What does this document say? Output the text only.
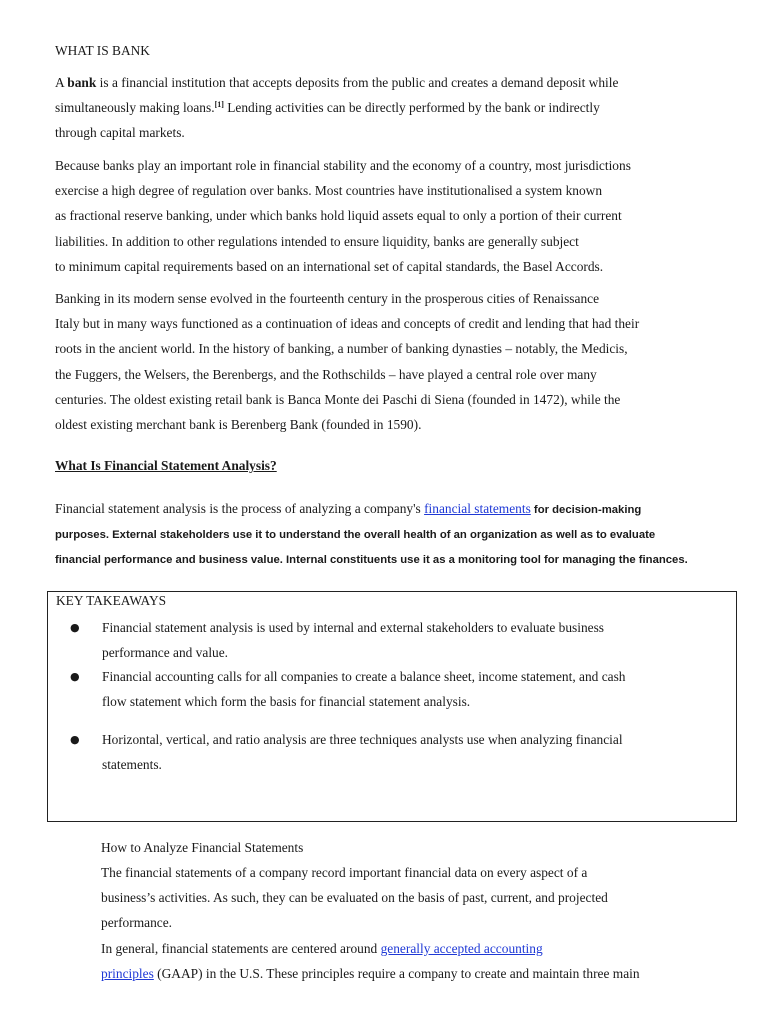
WHAT IS BANK
A bank is a financial institution that accepts deposits from the public and creates a demand deposit while
simultaneously making loans.[1] Lending activities can be directly performed by the bank or indirectly
through capital markets.
Because banks play an important role in financial stability and the economy of a country, most jurisdictions
exercise a high degree of regulation over banks. Most countries have institutionalised a system known
as fractional reserve banking, under which banks hold liquid assets equal to only a portion of their current
liabilities. In addition to other regulations intended to ensure liquidity, banks are generally subject
to minimum capital requirements based on an international set of capital standards, the Basel Accords.
Banking in its modern sense evolved in the fourteenth century in the prosperous cities of Renaissance
Italy but in many ways functioned as a continuation of ideas and concepts of credit and lending that had their
roots in the ancient world. In the history of banking, a number of banking dynasties – notably, the Medicis,
the Fuggers, the Welsers, the Berenbergs, and the Rothschilds – have played a central role over many
centuries. The oldest existing retail bank is Banca Monte dei Paschi di Siena (founded in 1472), while the
oldest existing merchant bank is Berenberg Bank (founded in 1590).
What Is Financial Statement Analysis?
Financial statement analysis is the process of analyzing a company's financial statements for decision-making
purposes. External stakeholders use it to understand the overall health of an organization as well as to evaluate
financial performance and business value. Internal constituents use it as a monitoring tool for managing the finances.
KEY TAKEAWAYS
● Financial statement analysis is used by internal and external stakeholders to evaluate business
performance and value.
● Financial accounting calls for all companies to create a balance sheet, income statement, and cash
flow statement which form the basis for financial statement analysis.
● Horizontal, vertical, and ratio analysis are three techniques analysts use when analyzing financial
statements.
How to Analyze Financial Statements
The financial statements of a company record important financial data on every aspect of a
business’s activities. As such, they can be evaluated on the basis of past, current, and projected
performance.
In general, financial statements are centered around generally accepted accounting
principles (GAAP) in the U.S. These principles require a company to create and maintain three main
